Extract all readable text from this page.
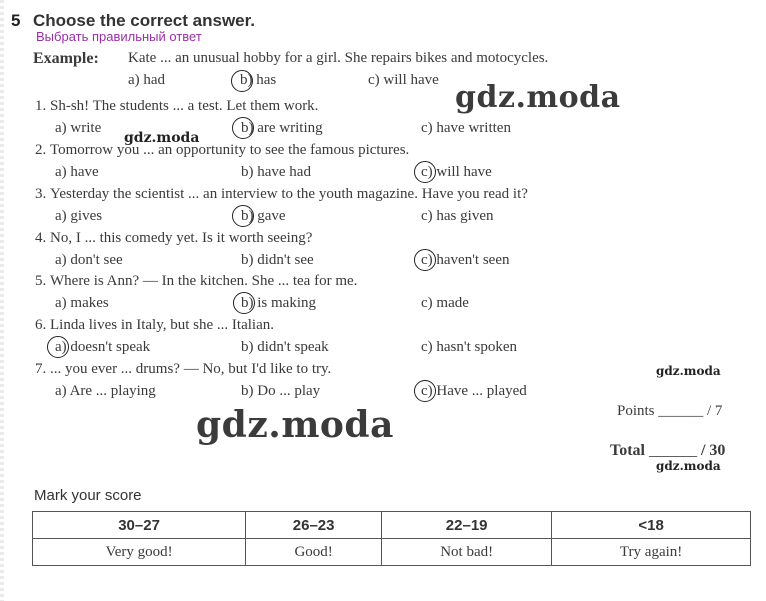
5 Choose the correct answer.
Выбрать правильный ответ
Example: Kate ... an unusual hobby for a girl. She repairs bikes and motocycles.
a) had	b) has	c) will have
1. Sh-sh! The students ... a test. Let them work.
a) write	b) are writing	c) have written
2. Tomorrow you ... an opportunity to see the famous pictures.
a) have	b) have had	c) will have
3. Yesterday the scientist ... an interview to the youth magazine. Have you read it?
a) gives	b) gave	c) has given
4. No, I ... this comedy yet. Is it worth seeing?
a) don't see	b) didn't see	c) haven't seen
5. Where is Ann? — In the kitchen. She ... tea for me.
a) makes	b) is making	c) made
6. Linda lives in Italy, but she ... Italian.
a) doesn't speak	b) didn't speak	c) hasn't spoken
7. ... you ever ... drums? — No, but I'd like to try.
a) Are ... playing	b) Do ... play	c) Have ... played
Points ______ / 7
Total ______ / 30
Mark your score
30–27	26–23	22–19	<18
Very good!	Good!	Not bad!	Try again!
gdz.moda
gdz.moda
gdz.moda
gdz.moda
gdz.moda
